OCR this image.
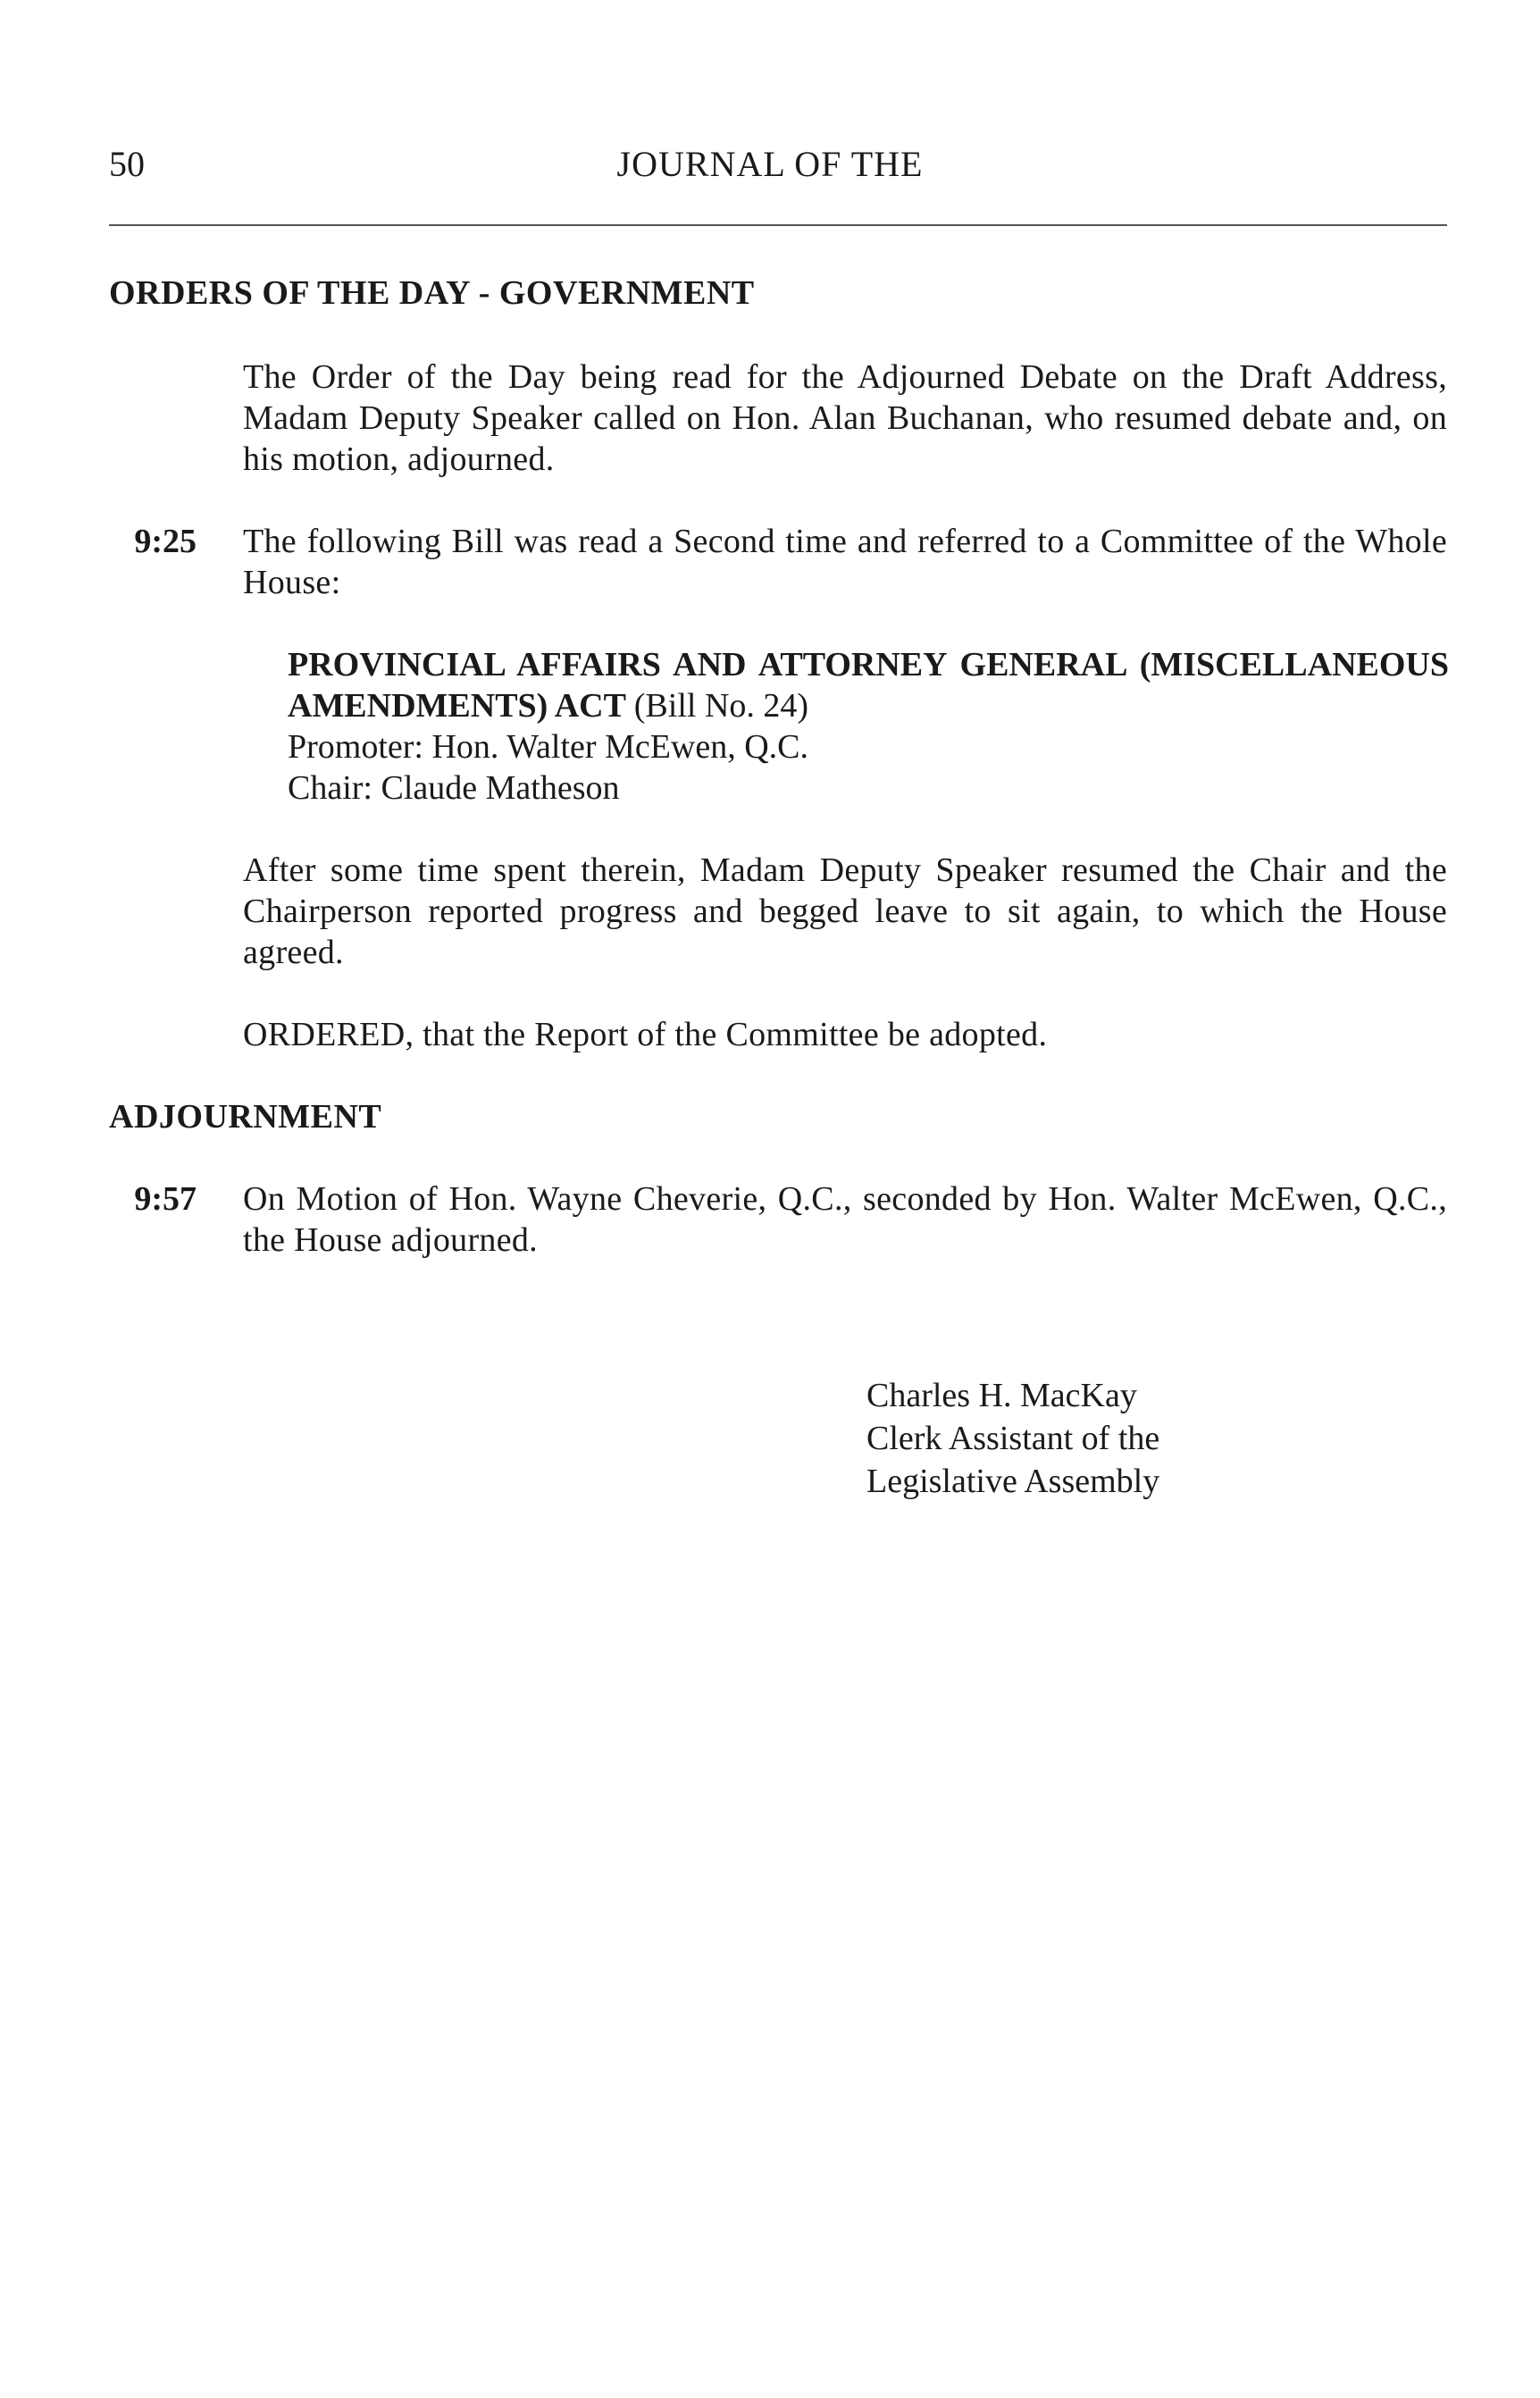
50	JOURNAL OF THE
ORDERS OF THE DAY - GOVERNMENT
The Order of the Day being read for the Adjourned Debate on the Draft Address, Madam Deputy Speaker called on Hon. Alan Buchanan, who resumed debate and, on his motion, adjourned.
9:25 The following Bill was read a Second time and referred to a Committee of the Whole House:
PROVINCIAL AFFAIRS AND ATTORNEY GENERAL (MISCELLANEOUS AMENDMENTS) ACT (Bill No. 24)
Promoter: Hon. Walter McEwen, Q.C.
Chair: Claude Matheson
After some time spent therein, Madam Deputy Speaker resumed the Chair and the Chairperson reported progress and begged leave to sit again, to which the House agreed.
ORDERED, that the Report of the Committee be adopted.
ADJOURNMENT
9:57 On Motion of Hon. Wayne Cheverie, Q.C., seconded by Hon. Walter McEwen, Q.C., the House adjourned.
Charles H. MacKay
Clerk Assistant of the
Legislative Assembly
